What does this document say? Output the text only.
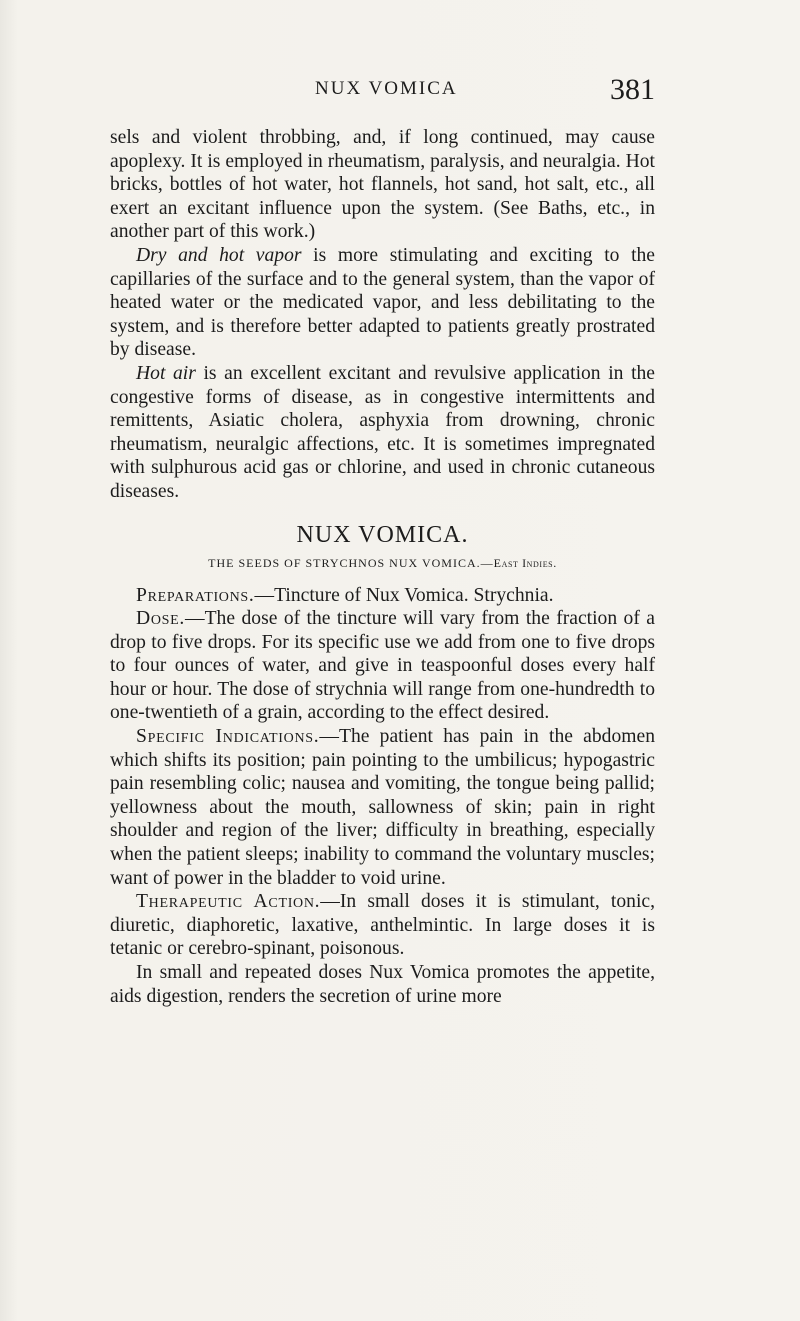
NUX VOMICA	381

sels and violent throbbing, and, if long continued, may cause apoplexy. It is employed in rheumatism, paralysis, and neuralgia. Hot bricks, bottles of hot water, hot flannels, hot sand, hot salt, etc., all exert an excitant influence upon the system. (See Baths, etc., in another part of this work.)

Dry and hot vapor is more stimulating and exciting to the capillaries of the surface and to the general system, than the vapor of heated water or the medicated vapor, and less debilitating to the system, and is therefore better adapted to patients greatly prostrated by disease.

Hot air is an excellent excitant and revulsive application in the congestive forms of disease, as in congestive intermittents and remittents, Asiatic cholera, asphyxia from drowning, chronic rheumatism, neuralgic affections, etc. It is sometimes impregnated with sulphurous acid gas or chlorine, and used in chronic cutaneous diseases.

NUX VOMICA.

THE SEEDS OF STRYCHNOS NUX VOMICA.—East Indies.

Preparations.—Tincture of Nux Vomica. Strychnia.

Dose.—The dose of the tincture will vary from the fraction of a drop to five drops. For its specific use we add from one to five drops to four ounces of water, and give in teaspoonful doses every half hour or hour. The dose of strychnia will range from one-hundredth to one-twentieth of a grain, according to the effect desired.

Specific Indications.—The patient has pain in the abdomen which shifts its position; pain pointing to the umbilicus; hypogastric pain resembling colic; nausea and vomiting, the tongue being pallid; yellowness about the mouth, sallowness of skin; pain in right shoulder and region of the liver; difficulty in breathing, especially when the patient sleeps; inability to command the voluntary muscles; want of power in the bladder to void urine.

Therapeutic Action.—In small doses it is stimulant, tonic, diuretic, diaphoretic, laxative, anthelmintic. In large doses it is tetanic or cerebro-spinant, poisonous.

In small and repeated doses Nux Vomica promotes the appetite, aids digestion, renders the secretion of urine more
